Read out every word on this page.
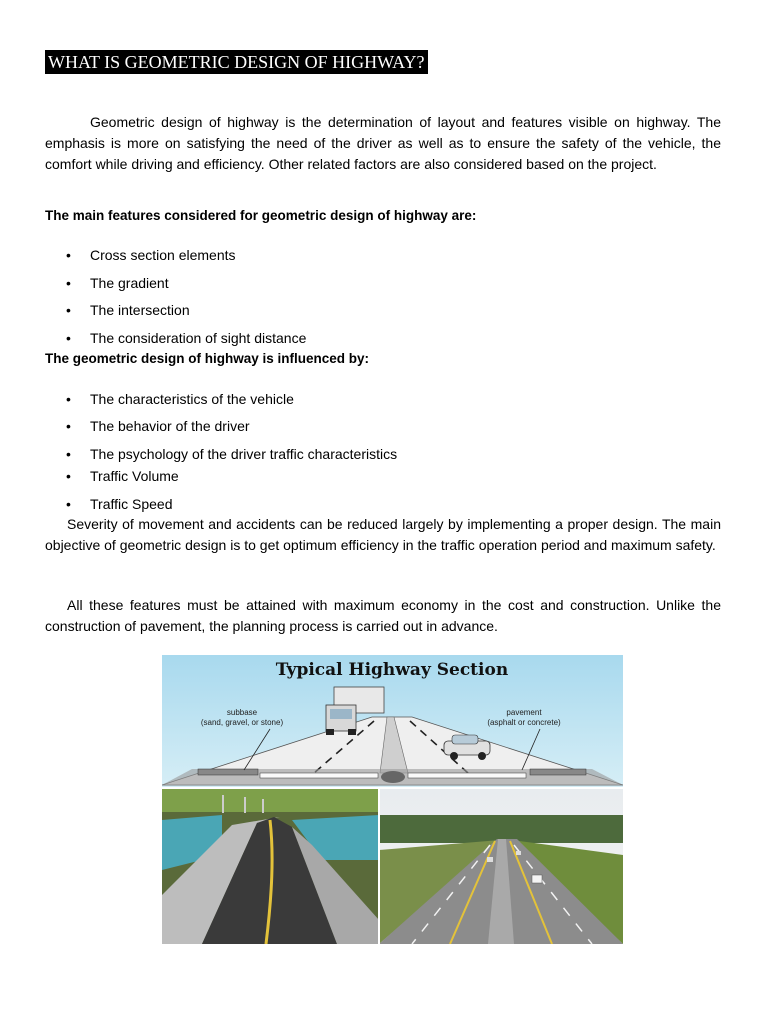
WHAT IS GEOMETRIC DESIGN OF HIGHWAY?

Geometric design of highway is the determination of layout and features visible on highway. The emphasis is more on satisfying the need of the driver as well as to ensure the safety of the vehicle, the comfort while driving and efficiency. Other related factors are also considered based on the project.

The main features considered for geometric design of highway are:

• Cross section elements
• The gradient
• The intersection
• The consideration of sight distance

The geometric design of highway is influenced by:

• The characteristics of the vehicle
• The behavior of the driver
• The psychology of the driver traffic characteristics
• Traffic Volume
• Traffic Speed

Severity of movement and accidents can be reduced largely by implementing a proper design. The main objective of geometric design is to get optimum efficiency in the traffic operation period and maximum safety.

All these features must be attained with maximum economy in the cost and construction. Unlike the construction of pavement, the planning process is carried out in advance.

Typical Highway Section
subbase
(sand, gravel, or stone)
pavement
(asphalt or concrete)
